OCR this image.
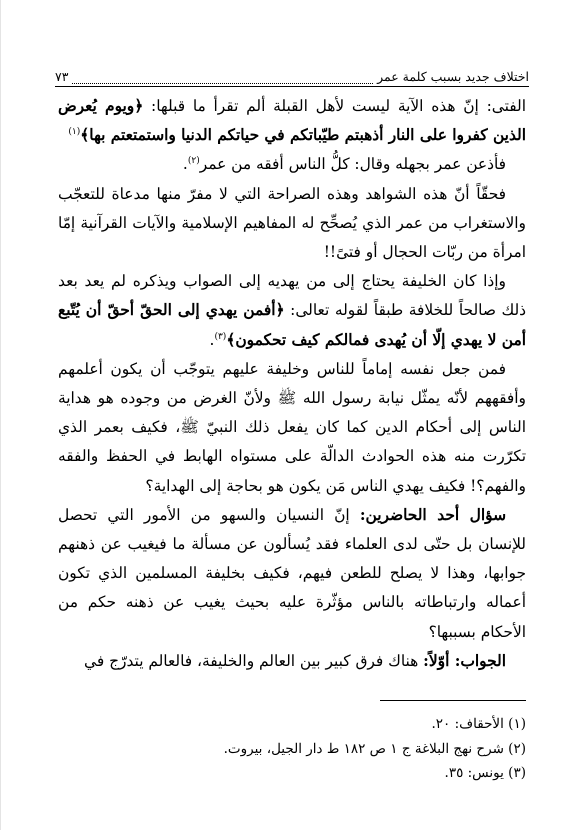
٧٣	اختلاف جديد بسبب كلمة عمر

الفتى: إنّ هذه الآية ليست لأهل القبلة ألم تقرأ ما قبلها: ﴿ويوم يُعرض الذين كفروا على النار أذهبتم طيّباتكم في حياتكم الدنيا واستمتعتم بها﴾$^{(١)}$

فأذعن عمر بجهله وقال: كلُّ الناس أفقه من عمر$^{(٢)}$.

فحقّاً أنّ هذه الشواهد وهذه الصراحة التي لا مفرّ منها مدعاة للتعجّب والاستغراب من عمر الذي يُصحِّح له المفاهيم الإسلامية والآيات القرآنية إمّا امرأة من ربّات الحجال أو فتىً!!

وإذا كان الخليفة يحتاج إلى من يهديه إلى الصواب ويذكره لم يعد بعد ذلك صالحاً للخلافة طبقاً لقوله تعالى: ﴿أفمن يهدي إلى الحقّ أحقّ أن يُتّبع أمن لا يهدي إلّا أن يُهدى فمالكم كيف تحكمون﴾$^{(٣)}$.

فمن جعل نفسه إماماً للناس وخليفة عليهم يتوجّب أن يكون أعلمهم وأفقههم لأنّه يمثّل نيابة رسول الله ﷺ ولأنّ الغرض من وجوده هو هداية الناس إلى أحكام الدين كما كان يفعل ذلك النبيّ ﷺ، فكيف بعمر الذي تكرّرت منه هذه الحوادث الدالّة على مستواه الهابط في الحفظ والفقه والفهم؟! فكيف يهدي الناس مَن يكون هو بحاجة إلى الهداية؟

سؤال أحد الحاضرين: إنّ النسيان والسهو من الأمور التي تحصل للإنسان بل حتّى لدى العلماء فقد يُسألون عن مسألة ما فيغيب عن ذهنهم جوابها، وهذا لا يصلح للطعن فيهم، فكيف بخليفة المسلمين الذي تكون أعماله وارتباطاته بالناس مؤثّرة عليه بحيث يغيب عن ذهنه حكم من الأحكام بسببها؟

الجواب: أوّلاً: هناك فرق كبير بين العالم والخليفة، فالعالم يتدرّج في

(١) الأحقاف: ٢٠.
(٢) شرح نهج البلاغة ج ١ ص ١٨٢ ط دار الجيل، بيروت.
(٣) يونس: ٣٥.
